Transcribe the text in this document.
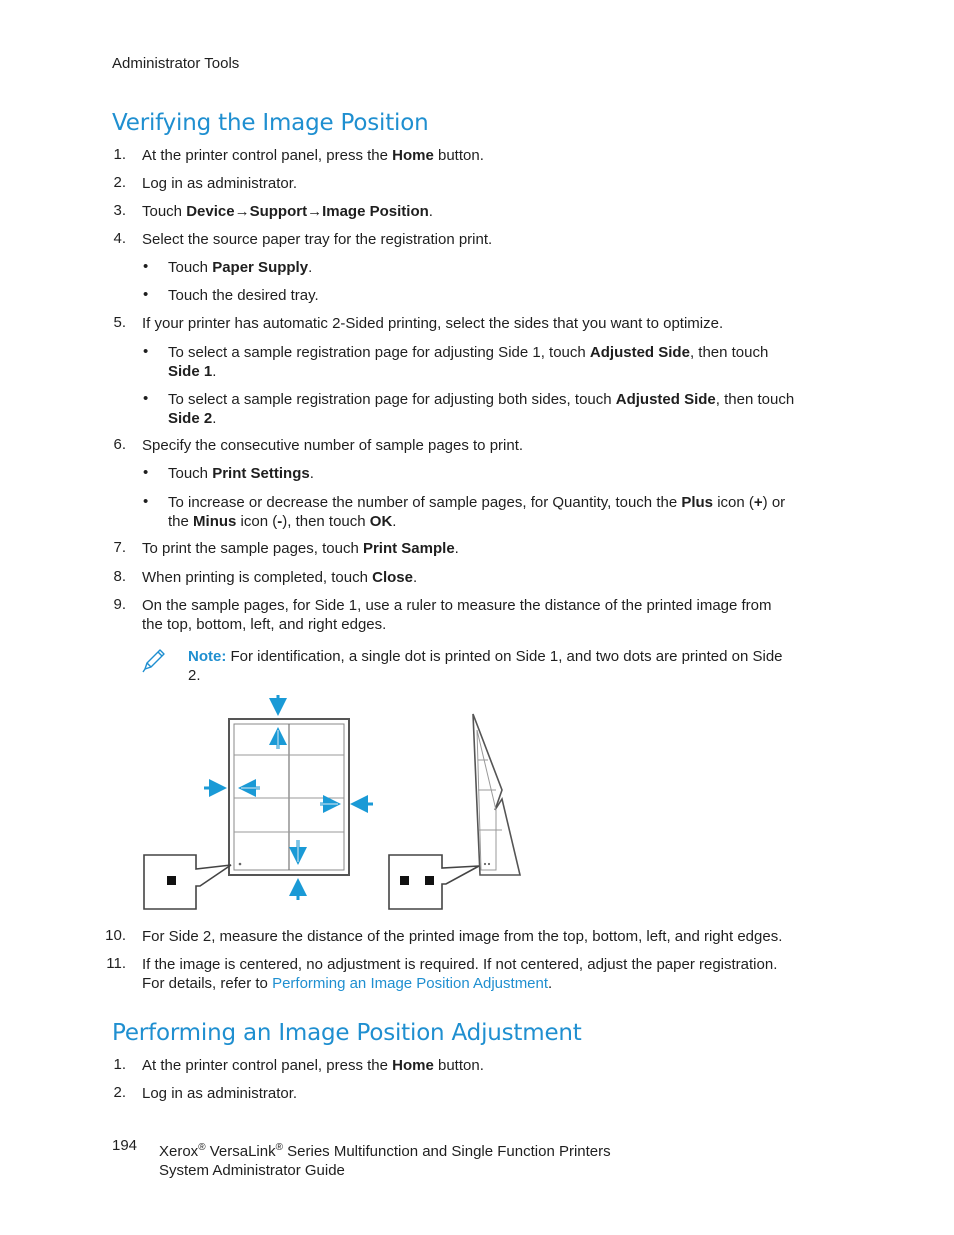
Administrator Tools
Verifying the Image Position
1. At the printer control panel, press the Home button.
2. Log in as administrator.
3. Touch Device→Support→Image Position.
4. Select the source paper tray for the registration print.
• Touch Paper Supply.
• Touch the desired tray.
5. If your printer has automatic 2-Sided printing, select the sides that you want to optimize.
• To select a sample registration page for adjusting Side 1, touch Adjusted Side, then touch
Side 1.
• To select a sample registration page for adjusting both sides, touch Adjusted Side, then touch
Side 2.
6. Specify the consecutive number of sample pages to print.
• Touch Print Settings.
• To increase or decrease the number of sample pages, for Quantity, touch the Plus icon (+) or
the Minus icon (-), then touch OK.
7. To print the sample pages, touch Print Sample.
8. When printing is completed, touch Close.
9. On the sample pages, for Side 1, use a ruler to measure the distance of the printed image from
the top, bottom, left, and right edges.
Note: For identification, a single dot is printed on Side 1, and two dots are printed on Side
2.
10. For Side 2, measure the distance of the printed image from the top, bottom, left, and right edges.
11. If the image is centered, no adjustment is required. If not centered, adjust the paper registration.
For details, refer to Performing an Image Position Adjustment.
Performing an Image Position Adjustment
1. At the printer control panel, press the Home button.
2. Log in as administrator.
194 Xerox® VersaLink® Series Multifunction and Single Function Printers
System Administrator Guide
